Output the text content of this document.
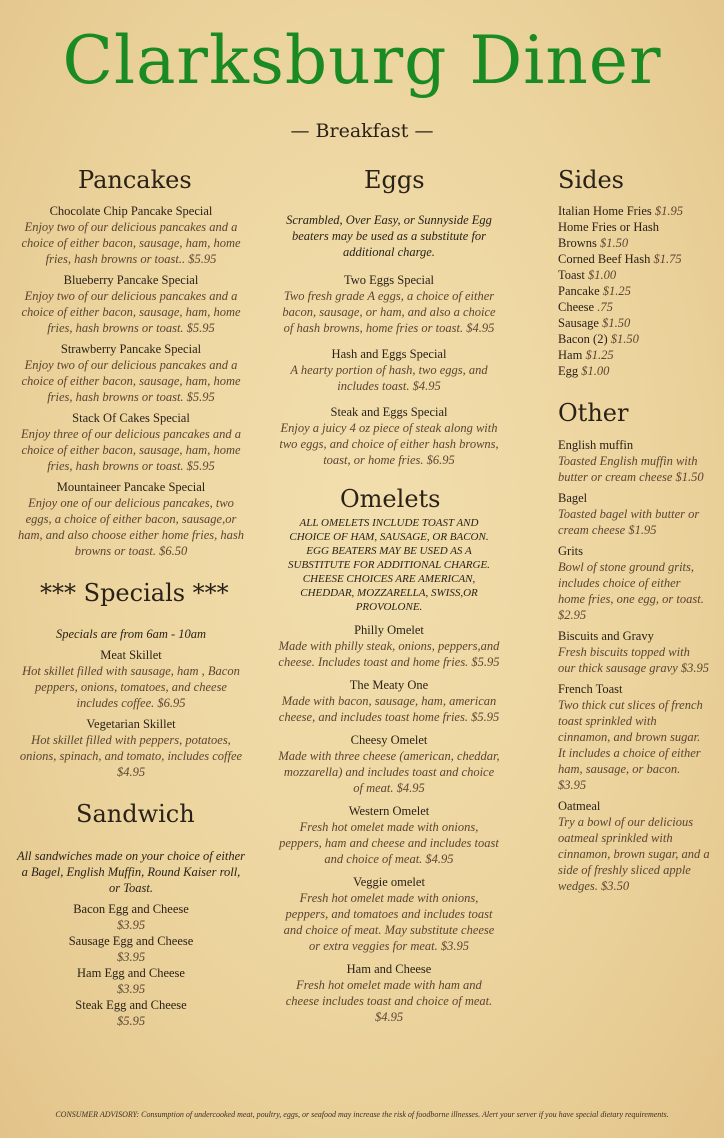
Clarksburg Diner
— Breakfast —
Pancakes
Chocolate Chip Pancake Special
Enjoy two of our delicious pancakes and a choice of either bacon, sausage, ham, home fries, hash browns or toast.. $5.95
Blueberry Pancake Special
Enjoy two of our delicious pancakes and a choice of either bacon, sausage, ham, home fries, hash browns or toast. $5.95
Strawberry Pancake Special
Enjoy two of our delicious pancakes and a choice of either bacon, sausage, ham, home fries, hash browns or toast. $5.95
Stack Of Cakes Special
Enjoy three of our delicious pancakes and a choice of either bacon, sausage, ham, home fries, hash browns or toast. $5.95
Mountaineer Pancake Special
Enjoy one of our delicious pancakes, two eggs, a choice of either bacon, sausage,or ham, and also choose either home fries, hash browns or toast. $6.50
*** Specials ***
Specials are from 6am - 10am
Meat Skillet
Hot skillet filled with sausage, ham , Bacon peppers, onions, tomatoes, and cheese includes coffee. $6.95
Vegetarian Skillet
Hot skillet filled with peppers, potatoes, onions, spinach, and tomato, includes coffee $4.95
Sandwich
All sandwiches made on your choice of either a Bagel, English Muffin, Round Kaiser roll, or Toast.
Bacon Egg and Cheese
$3.95
Sausage Egg and Cheese
$3.95
Ham Egg and Cheese
$3.95
Steak Egg and Cheese
$5.95
Eggs
Scrambled, Over Easy, or Sunnyside Egg beaters may be used as a substitute for additional charge.
Two Eggs Special
Two fresh grade A eggs, a choice of either bacon, sausage, or ham, and also a choice of hash browns, home fries or toast. $4.95
Hash and Eggs Special
A hearty portion of hash, two eggs, and includes toast. $4.95
Steak and Eggs Special
Enjoy a juicy 4 oz piece of steak along with two eggs, and choice of either hash browns, toast, or home fries. $6.95
Omelets
ALL OMELETS INCLUDE TOAST AND CHOICE OF HAM, SAUSAGE, OR BACON. EGG BEATERS MAY BE USED AS A SUBSTITUTE FOR ADDITIONAL CHARGE. CHEESE CHOICES ARE AMERICAN, CHEDDAR, MOZZARELLA, SWISS,OR PROVOLONE.
Philly Omelet
Made with philly steak, onions, peppers,and cheese. Includes toast and home fries. $5.95
The Meaty One
Made with bacon, sausage, ham, american cheese, and includes toast home fries. $5.95
Cheesy Omelet
Made with three cheese (american, cheddar, mozzarella) and includes toast and choice of meat. $4.95
Western Omelet
Fresh hot omelet made with onions, peppers, ham and cheese and includes toast and choice of meat. $4.95
Veggie omelet
Fresh hot omelet made with onions, peppers, and tomatoes and includes toast and choice of meat. May substitute cheese or extra veggies for meat. $3.95
Ham and Cheese
Fresh hot omelet made with ham and cheese includes toast and choice of meat. $4.95
Sides
Italian Home Fries $1.95
Home Fries or Hash
Browns $1.50
Corned Beef Hash $1.75
Toast $1.00
Pancake $1.25
Cheese .75
Sausage $1.50
Bacon (2) $1.50
Ham $1.25
Egg $1.00
Other
English muffin
Toasted English muffin with butter or cream cheese $1.50
Bagel
Toasted bagel with butter or cream cheese $1.95
Grits
Bowl of stone ground grits, includes choice of either home fries, one egg, or toast. $2.95
Biscuits and Gravy
Fresh biscuits topped with our thick sausage gravy $3.95
French Toast
Two thick cut slices of french toast sprinkled with cinnamon, and brown sugar. It includes a choice of either ham, sausage, or bacon. $3.95
Oatmeal
Try a bowl of our delicious oatmeal sprinkled with cinnamon, brown sugar, and a side of freshly sliced apple wedges. $3.50
CONSUMER ADVISORY: Consumption of undercooked meat, poultry, eggs, or seafood may increase the risk of foodborne illnesses. Alert your server if you have special dietary requirements.
